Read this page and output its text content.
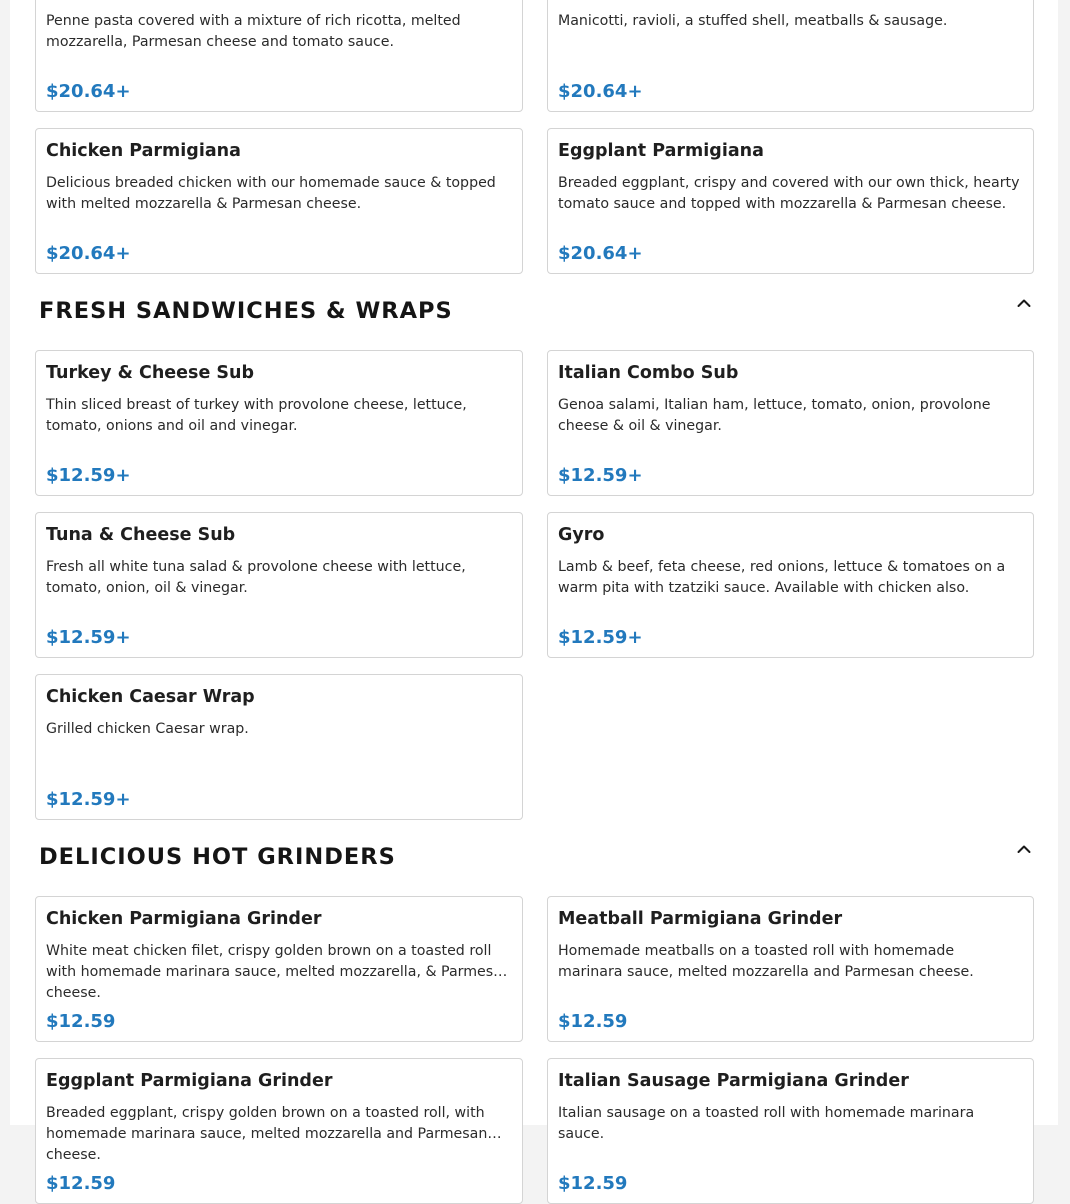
Penne pasta covered with a mixture of rich ricotta, melted mozzarella, Parmesan cheese and tomato sauce.
$20.64+
Manicotti, ravioli, a stuffed shell, meatballs & sausage.
$20.64+
Chicken Parmigiana
Delicious breaded chicken with our homemade sauce & topped with melted mozzarella & Parmesan cheese.
$20.64+
Eggplant Parmigiana
Breaded eggplant, crispy and covered with our own thick, hearty tomato sauce and topped with mozzarella & Parmesan cheese.
$20.64+
FRESH SANDWICHES & WRAPS
Turkey & Cheese Sub
Thin sliced breast of turkey with provolone cheese, lettuce, tomato, onions and oil and vinegar.
$12.59+
Italian Combo Sub
Genoa salami, Italian ham, lettuce, tomato, onion, provolone cheese & oil & vinegar.
$12.59+
Tuna & Cheese Sub
Fresh all white tuna salad & provolone cheese with lettuce, tomato, onion, oil & vinegar.
$12.59+
Gyro
Lamb & beef, feta cheese, red onions, lettuce & tomatoes on a warm pita with tzatziki sauce. Available with chicken also.
$12.59+
Chicken Caesar Wrap
Grilled chicken Caesar wrap.
$12.59+
DELICIOUS HOT GRINDERS
Chicken Parmigiana Grinder
White meat chicken filet, crispy golden brown on a toasted roll with homemade marinara sauce, melted mozzarella, & Parmesan cheese.
$12.59
Meatball Parmigiana Grinder
Homemade meatballs on a toasted roll with homemade marinara sauce, melted mozzarella and Parmesan cheese.
$12.59
Eggplant Parmigiana Grinder
Breaded eggplant, crispy golden brown on a toasted roll, with homemade marinara sauce, melted mozzarella and Parmesan cheese.
$12.59
Italian Sausage Parmigiana Grinder
Italian sausage on a toasted roll with homemade marinara sauce.
$12.59
